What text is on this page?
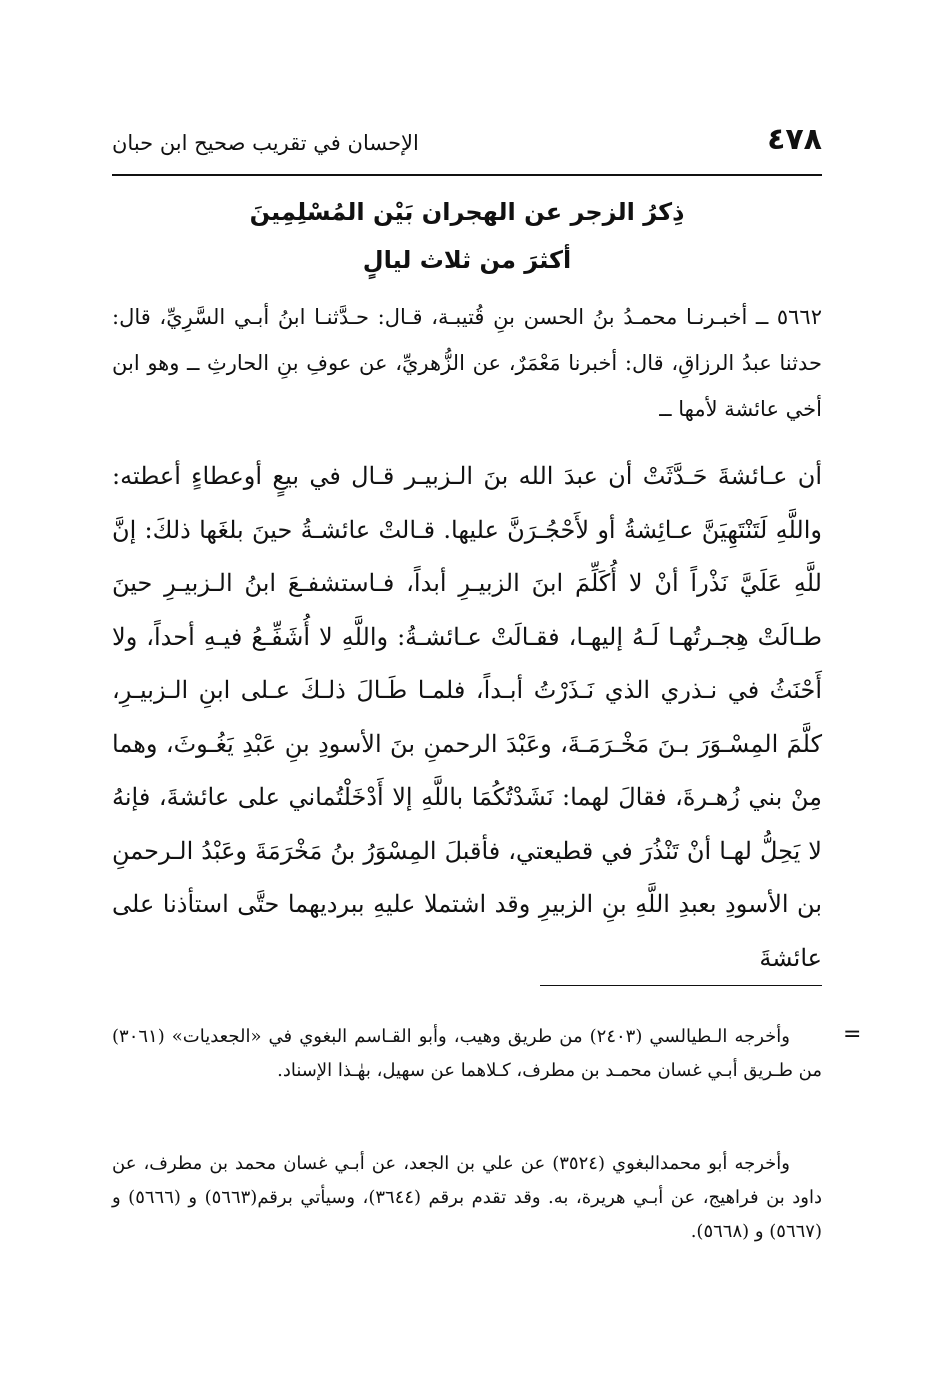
٤٧٨
الإحسان في تقريب صحيح ابن حبان
ذِكرُ الزجر عن الهجران بَيْن المُسْلِمِينَ
أكثرَ من ثلاث ليالٍ
٥٦٦٢ ــ أخبـرنـا محمـدُ بنُ الحسن بنِ قُتيبـة، قـال: حـدَّثنـا ابنُ أبـي السَّرِيِّ، قال: حدثنا عبدُ الرزاقِ، قال: أخبرنا مَعْمَرٌ، عن الزُّهريِّ، عن عوفِ بنِ الحارثِ ــ وهو ابن أخي عائشة لأمها ــ
أن عـائشةَ حَـدَّثَتْ أن عبدَ الله بنَ الـزبيـر قـال في بيعٍ أوعطاءٍ أعطته: واللَّهِ لَتَنْتَهِيَنَّ عـائِشةُ أو لأَحْجُـرَنَّ عليها. قـالتْ عائشـةُ حينَ بلغَها ذلكَ: إنَّ للَّهِ عَلَيَّ نَذْراً أنْ لا أُكَلِّمَ ابنَ الزبيـرِ أبداً، فـاستشفـعَ ابنُ الـزبيـرِ حينَ طـالَتْ هِجـرتُهـا لَـهُ إليهـا، فقـالَتْ عـائشـةُ: واللَّهِ لا أُشَفِّـعُ فيـهِ أحداً، ولا أَحْنَثُ في نـذري الذي نَـذَرْتُ أبـداً، فلمـا طَـالَ ذلـكَ عـلى ابنِ الـزبيـرِ، كلَّمَ المِسْـوَرَ بـنَ مَخْـرَمَـةَ، وعَبْدَ الرحمنِ بنَ الأسودِ بنِ عَبْدِ يَغُـوثَ، وهما مِنْ بني زُهـرةَ، فقالَ لهما: نَشَدْتُكُمَا باللَّهِ إلا أَدْخَلْتُماني على عائشةَ، فإنهُ لا يَحِلُّ لهـا أنْ تَنْذُرَ في قطيعتي، فأقبلَ المِسْوَرُ بنُ مَخْرَمَةَ وعَبْدُ الـرحمنِ بن الأسودِ بعبدِ اللَّهِ بنِ الزبيرِ وقد اشتملا عليهِ ببرديهما حتَّى استأذنا على عائشةَ
=
وأخرجه الـطيالسي (٢٤٠٣) من طريق وهيب، وأبو القـاسم البغوي في «الجعديات» (٣٠٦١) من طـريق أبـي غسان محمـد بن مطرف، كـلاهما عن سهيل، بهٰـذا الإسناد.
وأخرجه أبو محمدالبغوي (٣٥٢٤) عن علي بن الجعد، عن أبـي غسان محمد بن مطرف، عن داود بن فراهيج، عن أبـي هريرة، به. وقد تقدم برقم (٣٦٤٤)، وسيأتي برقم(٥٦٦٣) و (٥٦٦٦) و (٥٦٦٧) و (٥٦٦٨).
